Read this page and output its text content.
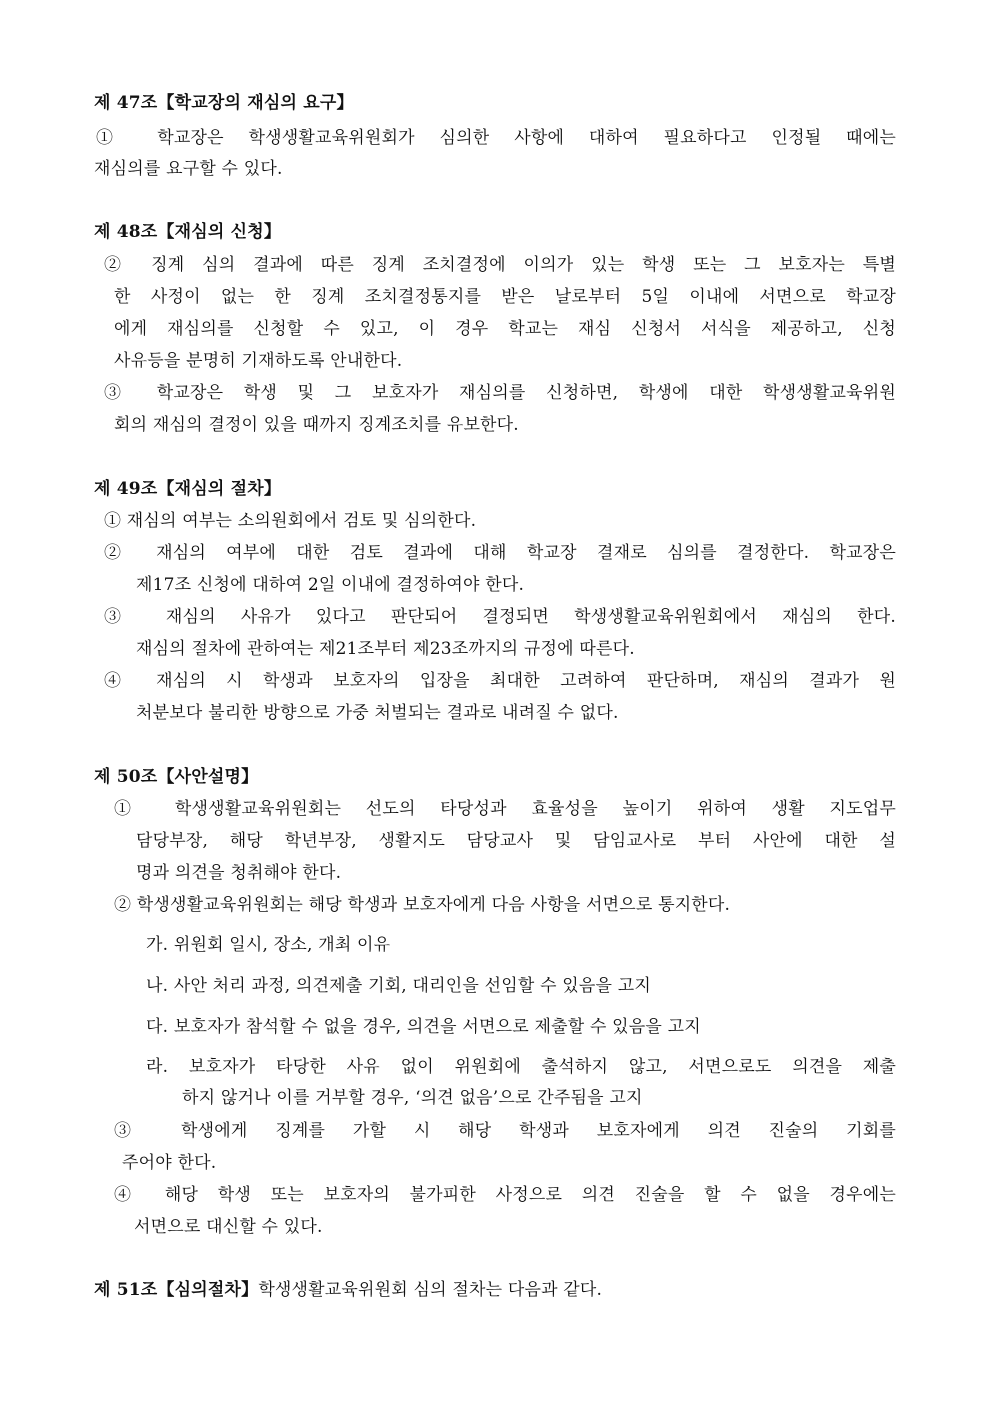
제 47조【학교장의 재심의 요구】
① 학교장은 학생생활교육위원회가 심의한 사항에 대하여 필요하다고 인정될 때에는
재심의를 요구할 수 있다.
제 48조【재심의 신청】
② 징계 심의 결과에 따른 징계 조치결정에 이의가 있는 학생 또는 그 보호자는 특별
한 사정이 없는 한 징계 조치결정통지를 받은 날로부터 5일 이내에 서면으로 학교장
에게 재심의를 신청할 수 있고, 이 경우 학교는 재심 신청서 서식을 제공하고, 신청
사유등을 분명히 기재하도록 안내한다.
③ 학교장은 학생 및 그 보호자가 재심의를 신청하면, 학생에 대한 학생생활교육위원
회의 재심의 결정이 있을 때까지 징계조치를 유보한다.
제 49조【재심의 절차】
① 재심의 여부는 소의원회에서 검토 및 심의한다.
② 재심의 여부에 대한 검토 결과에 대해 학교장 결재로 심의를 결정한다. 학교장은
제17조 신청에 대하여 2일 이내에 결정하여야 한다.
③ 재심의 사유가 있다고 판단되어 결정되면 학생생활교육위원회에서 재심의 한다.
재심의 절차에 관하여는 제21조부터 제23조까지의 규정에 따른다.
④ 재심의 시 학생과 보호자의 입장을 최대한 고려하여 판단하며, 재심의 결과가 원
처분보다 불리한 방향으로 가중 처벌되는 결과로 내려질 수 없다.
제 50조【사안설명】
① 학생생활교육위원회는 선도의 타당성과 효율성을 높이기 위하여 생활 지도업무
담당부장, 해당 학년부장, 생활지도 담당교사 및 담임교사로 부터 사안에 대한 설
명과 의견을 청취해야 한다.
② 학생생활교육위원회는 해당 학생과 보호자에게 다음 사항을 서면으로 통지한다.
가. 위원회 일시, 장소, 개최 이유
나. 사안 처리 과정, 의견제출 기회, 대리인을 선임할 수 있음을 고지
다. 보호자가 참석할 수 없을 경우, 의견을 서면으로 제출할 수 있음을 고지
라. 보호자가 타당한 사유 없이 위원회에 출석하지 않고, 서면으로도 의견을 제출
하지 않거나 이를 거부할 경우, ‘의견 없음’으로 간주됨을 고지
③ 학생에게 징계를 가할 시 해당 학생과 보호자에게 의견 진술의 기회를
주어야 한다.
④ 해당 학생 또는 보호자의 불가피한 사정으로 의견 진술을 할 수 없을 경우에는
서면으로 대신할 수 있다.
제 51조【심의절차】학생생활교육위원회 심의 절차는 다음과 같다.
